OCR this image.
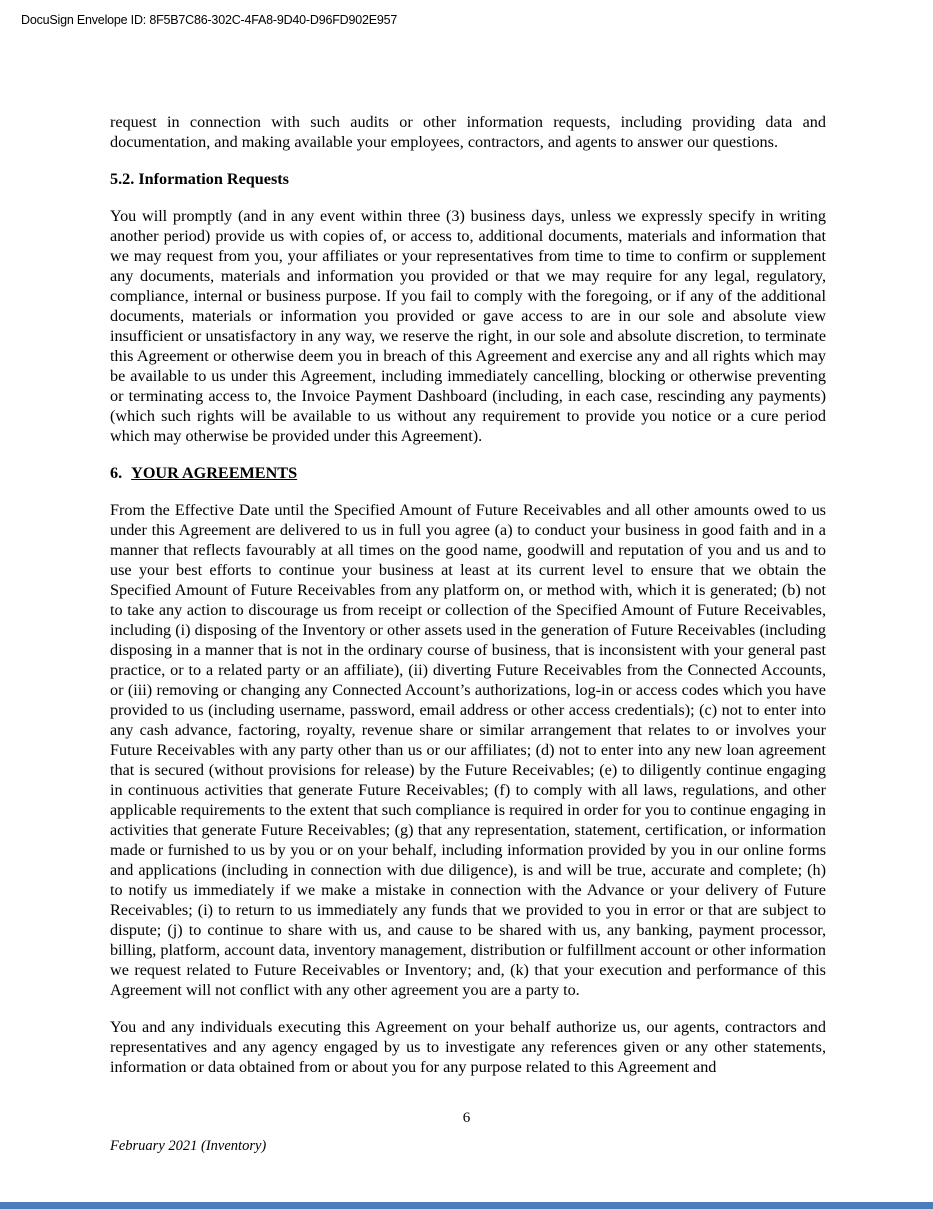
DocuSign Envelope ID: 8F5B7C86-302C-4FA8-9D40-D96FD902E957

request in connection with such audits or other information requests, including providing data and documentation, and making available your employees, contractors, and agents to answer our questions.

5.2. Information Requests

You will promptly (and in any event within three (3) business days, unless we expressly specify in writing another period) provide us with copies of, or access to, additional documents, materials and information that we may request from you, your affiliates or your representatives from time to time to confirm or supplement any documents, materials and information you provided or that we may require for any legal, regulatory, compliance, internal or business purpose. If you fail to comply with the foregoing, or if any of the additional documents, materials or information you provided or gave access to are in our sole and absolute view insufficient or unsatisfactory in any way, we reserve the right, in our sole and absolute discretion, to terminate this Agreement or otherwise deem you in breach of this Agreement and exercise any and all rights which may be available to us under this Agreement, including immediately cancelling, blocking or otherwise preventing or terminating access to, the Invoice Payment Dashboard (including, in each case, rescinding any payments) (which such rights will be available to us without any requirement to provide you notice or a cure period which may otherwise be provided under this Agreement).

6. YOUR AGREEMENTS

From the Effective Date until the Specified Amount of Future Receivables and all other amounts owed to us under this Agreement are delivered to us in full you agree (a) to conduct your business in good faith and in a manner that reflects favourably at all times on the good name, goodwill and reputation of you and us and to use your best efforts to continue your business at least at its current level to ensure that we obtain the Specified Amount of Future Receivables from any platform on, or method with, which it is generated; (b) not to take any action to discourage us from receipt or collection of the Specified Amount of Future Receivables, including (i) disposing of the Inventory or other assets used in the generation of Future Receivables (including disposing in a manner that is not in the ordinary course of business, that is inconsistent with your general past practice, or to a related party or an affiliate), (ii) diverting Future Receivables from the Connected Accounts, or (iii) removing or changing any Connected Account’s authorizations, log-in or access codes which you have provided to us (including username, password, email address or other access credentials); (c) not to enter into any cash advance, factoring, royalty, revenue share or similar arrangement that relates to or involves your Future Receivables with any party other than us or our affiliates; (d) not to enter into any new loan agreement that is secured (without provisions for release) by the Future Receivables; (e) to diligently continue engaging in continuous activities that generate Future Receivables; (f) to comply with all laws, regulations, and other applicable requirements to the extent that such compliance is required in order for you to continue engaging in activities that generate Future Receivables; (g) that any representation, statement, certification, or information made or furnished to us by you or on your behalf, including information provided by you in our online forms and applications (including in connection with due diligence), is and will be true, accurate and complete; (h) to notify us immediately if we make a mistake in connection with the Advance or your delivery of Future Receivables; (i) to return to us immediately any funds that we provided to you in error or that are subject to dispute; (j) to continue to share with us, and cause to be shared with us, any banking, payment processor, billing, platform, account data, inventory management, distribution or fulfillment account or other information we request related to Future Receivables or Inventory; and, (k) that your execution and performance of this Agreement will not conflict with any other agreement you are a party to.

You and any individuals executing this Agreement on your behalf authorize us, our agents, contractors and representatives and any agency engaged by us to investigate any references given or any other statements, information or data obtained from or about you for any purpose related to this Agreement and

6
February 2021 (Inventory)
